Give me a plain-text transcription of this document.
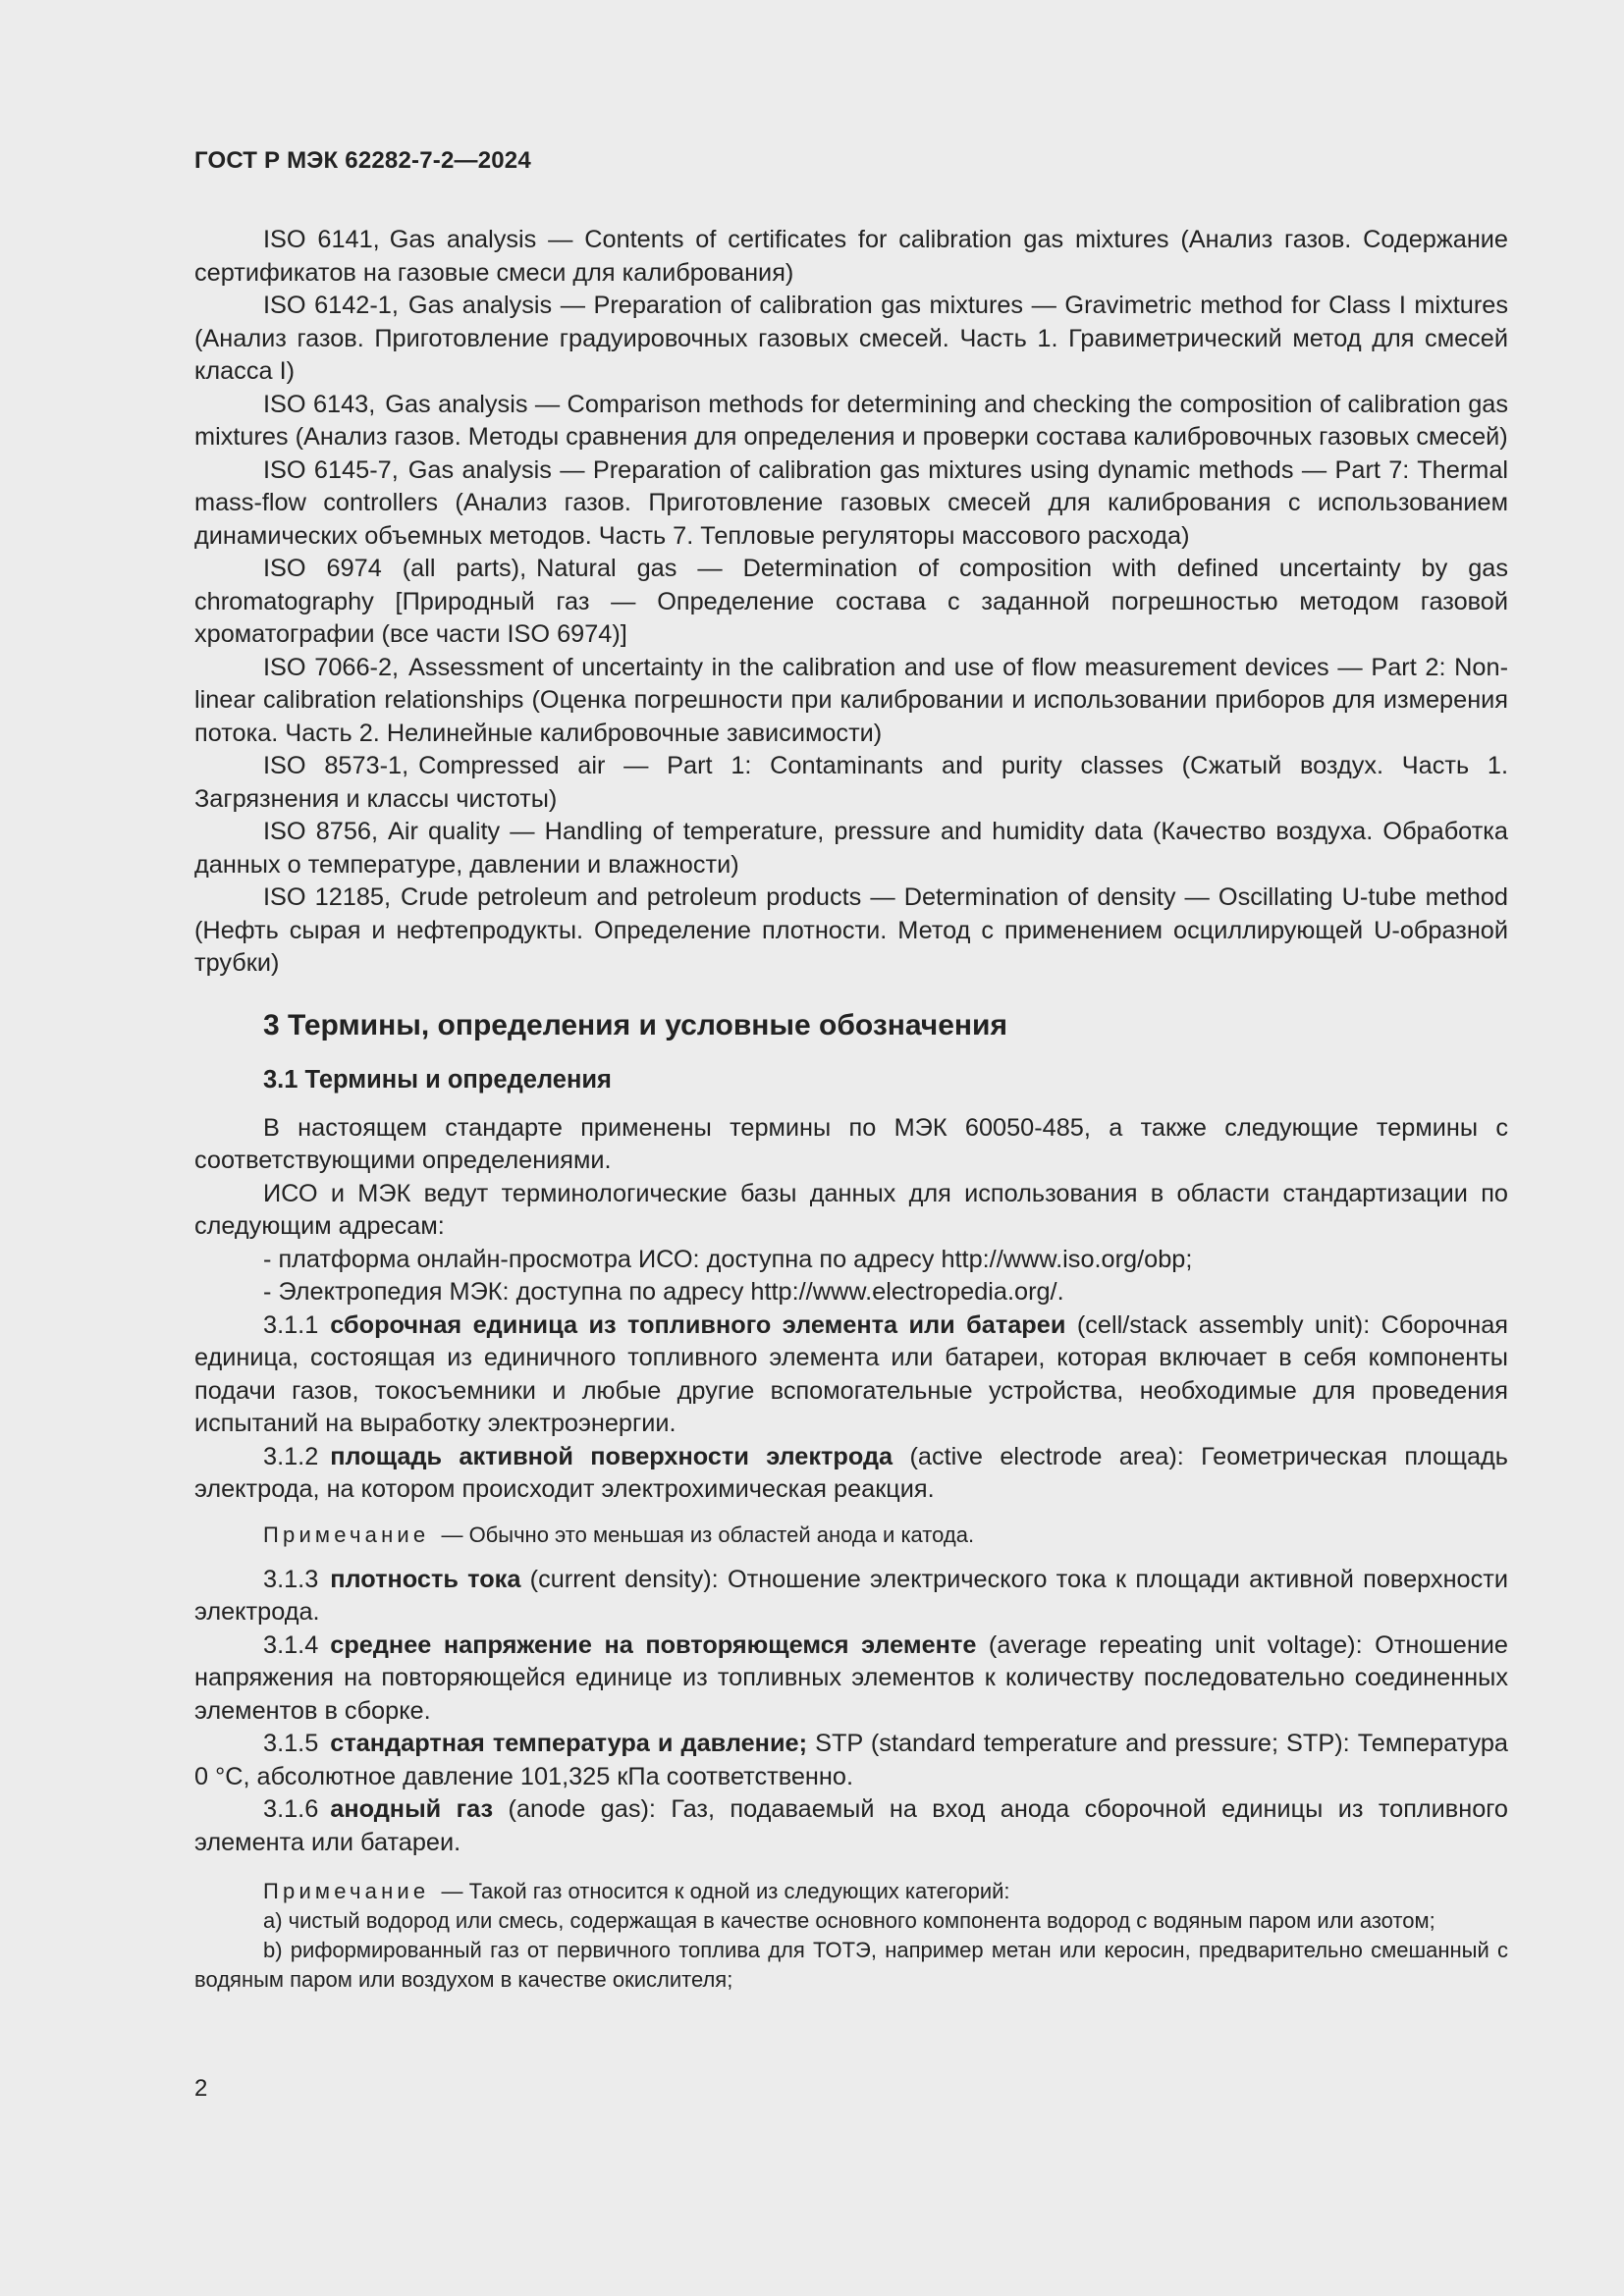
ГОСТ Р МЭК 62282-7-2—2024

ISO 6141, Gas analysis — Contents of certificates for calibration gas mixtures (Анализ газов. Содержание сертификатов на газовые смеси для калибрования)

ISO 6142-1, Gas analysis — Preparation of calibration gas mixtures — Gravimetric method for Class I mixtures (Анализ газов. Приготовление градуировочных газовых смесей. Часть 1. Гравиметрический метод для смесей класса I)

ISO 6143, Gas analysis — Comparison methods for determining and checking the composition of calibration gas mixtures (Анализ газов. Методы сравнения для определения и проверки состава калибровочных газовых смесей)

ISO 6145-7, Gas analysis — Preparation of calibration gas mixtures using dynamic methods — Part 7: Thermal mass-flow controllers (Анализ газов. Приготовление газовых смесей для калибрования с использованием динамических объемных методов. Часть 7. Тепловые регуляторы массового расхода)

ISO 6974 (all parts), Natural gas — Determination of composition with defined uncertainty by gas chromatography [Природный газ — Определение состава с заданной погрешностью методом газовой хроматографии (все части ISO 6974)]

ISO 7066-2, Assessment of uncertainty in the calibration and use of flow measurement devices — Part 2: Non-linear calibration relationships (Оценка погрешности при калибровании и использовании приборов для измерения потока. Часть 2. Нелинейные калибровочные зависимости)

ISO 8573-1, Compressed air — Part 1: Contaminants and purity classes (Сжатый воздух. Часть 1. Загрязнения и классы чистоты)

ISO 8756, Air quality — Handling of temperature, pressure and humidity data (Качество воздуха. Обработка данных о температуре, давлении и влажности)

ISO 12185, Crude petroleum and petroleum products — Determination of density — Oscillating U-tube method (Нефть сырая и нефтепродукты. Определение плотности. Метод с применением осциллирующей U-образной трубки)

3 Термины, определения и условные обозначения
3.1 Термины и определения

В настоящем стандарте применены термины по МЭК 60050-485, а также следующие термины с соответствующими определениями.

ИСО и МЭК ведут терминологические базы данных для использования в области стандартизации по следующим адресам:

- платформа онлайн-просмотра ИСО: доступна по адресу http://www.iso.org/obp;

- Электропедия МЭК: доступна по адресу http://www.electropedia.org/.

3.1.1 сборочная единица из топливного элемента или батареи (cell/stack assembly unit): Сборочная единица, состоящая из единичного топливного элемента или батареи, которая включает в себя компоненты подачи газов, токосъемники и любые другие вспомогательные устройства, необходимые для проведения испытаний на выработку электроэнергии.

3.1.2 площадь активной поверхности электрода (active electrode area): Геометрическая площадь электрода, на котором происходит электрохимическая реакция.

Примечание — Обычно это меньшая из областей анода и катода.

3.1.3 плотность тока (current density): Отношение электрического тока к площади активной поверхности электрода.

3.1.4 среднее напряжение на повторяющемся элементе (average repeating unit voltage): Отношение напряжения на повторяющейся единице из топливных элементов к количеству последовательно соединенных элементов в сборке.

3.1.5 стандартная температура и давление; STP (standard temperature and pressure; STP): Температура 0 °С, абсолютное давление 101,325 кПа соответственно.

3.1.6 анодный газ (anode gas): Газ, подаваемый на вход анода сборочной единицы из топливного элемента или батареи.

Примечание — Такой газ относится к одной из следующих категорий:

а) чистый водород или смесь, содержащая в качестве основного компонента водород с водяным паром или азотом;

b) риформированный газ от первичного топлива для ТОТЭ, например метан или керосин, предварительно смешанный с водяным паром или воздухом в качестве окислителя;

2
